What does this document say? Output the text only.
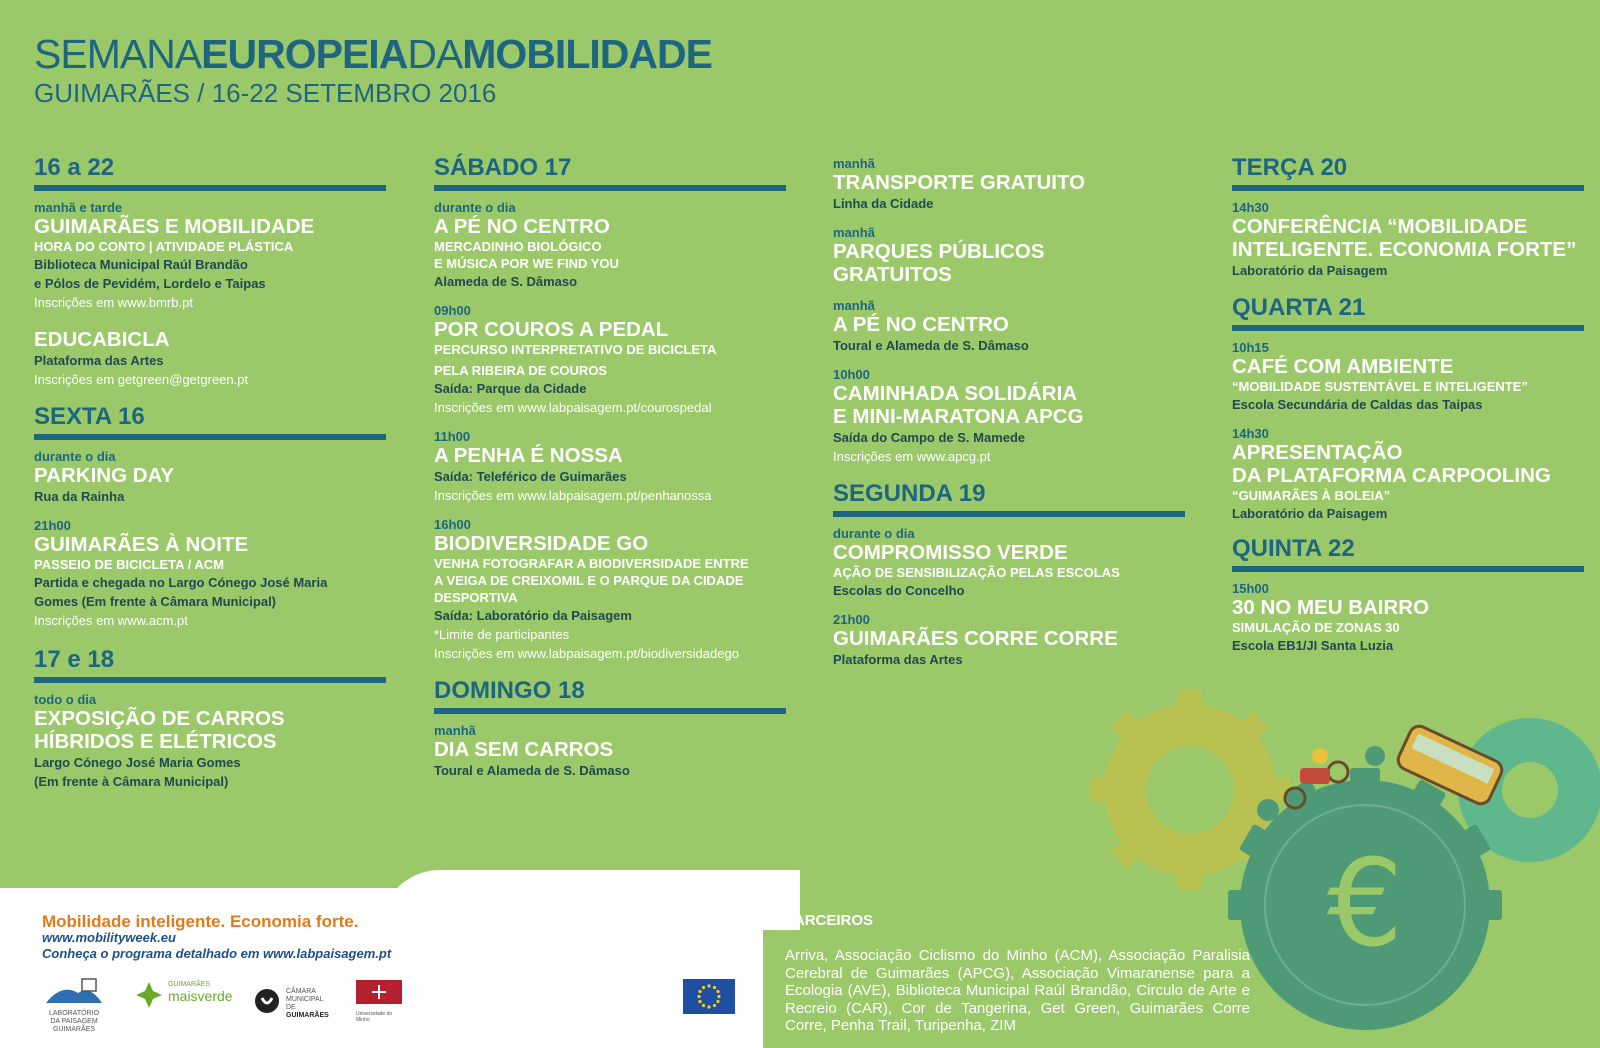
SEMANAEUROPEIADAMOBILIDADE
GUIMARÃES / 16-22 SETEMBRO 2016
16 a 22
manhã e tarde
GUIMARÃES E MOBILIDADE
HORA DO CONTO | ATIVIDADE PLÁSTICA
Biblioteca Municipal Raúl Brandão
e Pólos de Pevidém, Lordelo e Taipas
Inscrições em www.bmrb.pt
EDUCABICLA
Plataforma das Artes
Inscrições em getgreen@getgreen.pt
SEXTA 16
durante o dia
PARKING DAY
Rua da Rainha
21h00
GUIMARÃES À NOITE
PASSEIO DE BICICLETA / ACM
Partida e chegada no Largo Cónego José Maria
Gomes (Em frente à Câmara Municipal)
Inscrições em www.acm.pt
17 e 18
todo o dia
EXPOSIÇÃO DE CARROS
HÍBRIDOS E ELÉTRICOS
Largo Cónego José Maria Gomes
(Em frente à Câmara Municipal)
SÁBADO 17
durante o dia
A PÉ NO CENTRO
MERCADINHO BIOLÓGICO
E MÚSICA POR WE FIND YOU
Alameda de S. Dâmaso
09h00
POR COUROS A PEDAL
PERCURSO INTERPRETATIVO DE BICICLETA
PELA RIBEIRA DE COUROS
Saída: Parque da Cidade
Inscrições em www.labpaisagem.pt/courospedal
11h00
A PENHA É NOSSA
Saída: Teleférico de Guimarães
Inscrições em www.labpaisagem.pt/penhanossa
16h00
BIODIVERSIDADE GO
VENHA FOTOGRAFAR A BIODIVERSIDADE ENTRE
A VEIGA DE CREIXOMIL E O PARQUE DA CIDADE
DESPORTIVA
Saída: Laboratório da Paisagem
*Limite de participantes
Inscrições em www.labpaisagem.pt/biodiversidadego
DOMINGO 18
manhã
DIA SEM CARROS
Toural e Alameda de S. Dâmaso
manhã
TRANSPORTE GRATUITO
Linha da Cidade
manhã
PARQUES PÚBLICOS
GRATUITOS
manhã
A PÉ NO CENTRO
Toural e Alameda de S. Dâmaso
10h00
CAMINHADA SOLIDÁRIA
E MINI-MARATONA APCG
Saída do Campo de S. Mamede
Inscrições em www.apcg.pt
SEGUNDA 19
durante o dia
COMPROMISSO VERDE
AÇÃO DE SENSIBILIZAÇÃO PELAS ESCOLAS
Escolas do Concelho
21h00
GUIMARÃES CORRE CORRE
Plataforma das Artes
TERÇA 20
14h30
CONFERÊNCIA “MOBILIDADE
INTELIGENTE. ECONOMIA FORTE”
Laboratório da Paisagem
QUARTA 21
10h15
CAFÉ COM AMBIENTE
“MOBILIDADE SUSTENTÁVEL E INTELIGENTE”
Escola Secundária de Caldas das Taipas
14h30
APRESENTAÇÃO
DA PLATAFORMA CARPOOLING
“GUIMARÃES À BOLEIA”
Laboratório da Paisagem
QUINTA 22
15h00
30 NO MEU BAIRRO
SIMULAÇÃO DE ZONAS 30
Escola EB1/JI Santa Luzia
€
Mobilidade inteligente. Economia forte.
www.mobilityweek.eu
Conheça o programa detalhado em www.labpaisagem.pt
LABORATÓRIO
DA PAISAGEM
GUIMARÃES
GUIMARÃES
maisverde	CÂMARA
MUNICIPAL DE
GUIMARÃES	Universidade do Minho
PARCEIROS
Arriva, Associação Ciclismo do Minho (ACM), Associação Paralisia Cerebral de Guimarães (APCG), Associação Vimaranense para a Ecologia (AVE), Biblioteca Municipal Raúl Brandão, Circulo de Arte e Recreio (CAR), Cor de Tangerina, Get Green, Guimarães Corre Corre, Penha Trail, Turipenha, ZIM
